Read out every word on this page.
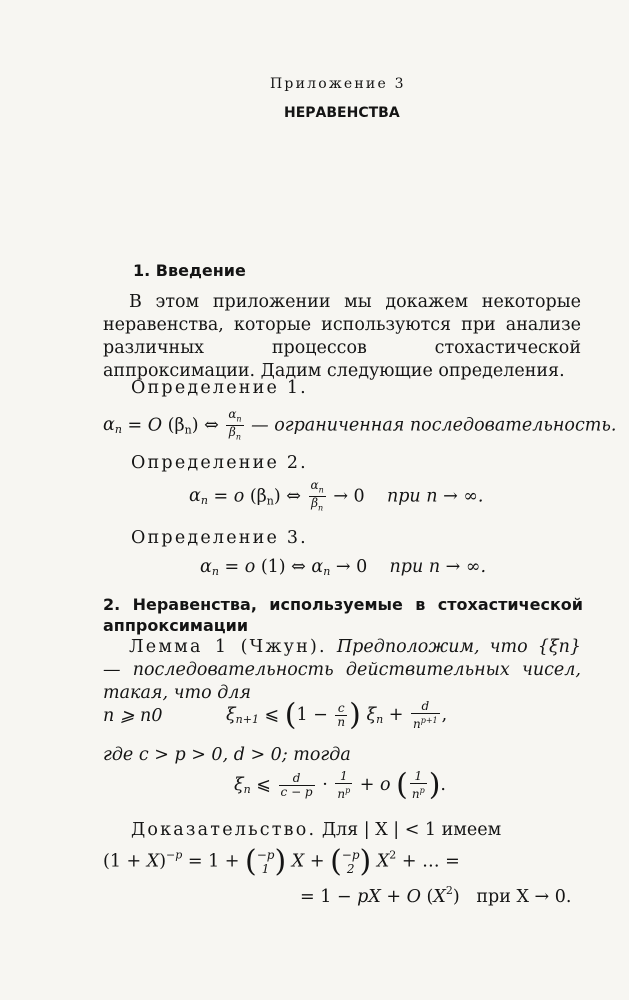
Приложение 3
НЕРАВЕНСТВА
1. Введение
В этом приложении мы докажем некоторые неравенства, которые используются при анализе различных процессов стохастической аппроксимации. Дадим следующие определения.
Определение 1.
$\alpha_n = O$ $(\beta_n)$ ⇔ $\frac{\alpha_n}{\beta_n}$ — ограниченная последовательность.
Определение 2.
$\alpha_n = o$ $(\beta_n)$ ⇔ $\frac{\alpha_n}{\beta_n} \to 0$    при n → ∞.
Определение 3.
$\alpha_n = o$ (1) ⇔ $\alpha_n \to 0$    при n → ∞.
2. Неравенства, используемые в стохастической аппроксимации
Лемма 1 (Чжун). Предположим, что {ξn} — последовательность действительных чисел, такая, что для
n ⩾ n0	$\xi_{n+1}$ ⩽ ($1 - \frac{c}{n}$ ) $\xi_n + \frac{d}{n^{p+1}}$ ,
где c > p > 0, d > 0; тогда
$\xi_n$ ⩽ $\frac{d}{c - p} \cdot \frac{1}{n^p} + o$ ( $\frac{1}{n^p}$ ).
Доказательство. Для | X | < 1 имеем
$(1 + X)^{-p} = 1 + (-p$
1 ) X + (−p
2 ) $X^2$ + … =
= 1 − pX + O $(X^2)$   при X → 0.
